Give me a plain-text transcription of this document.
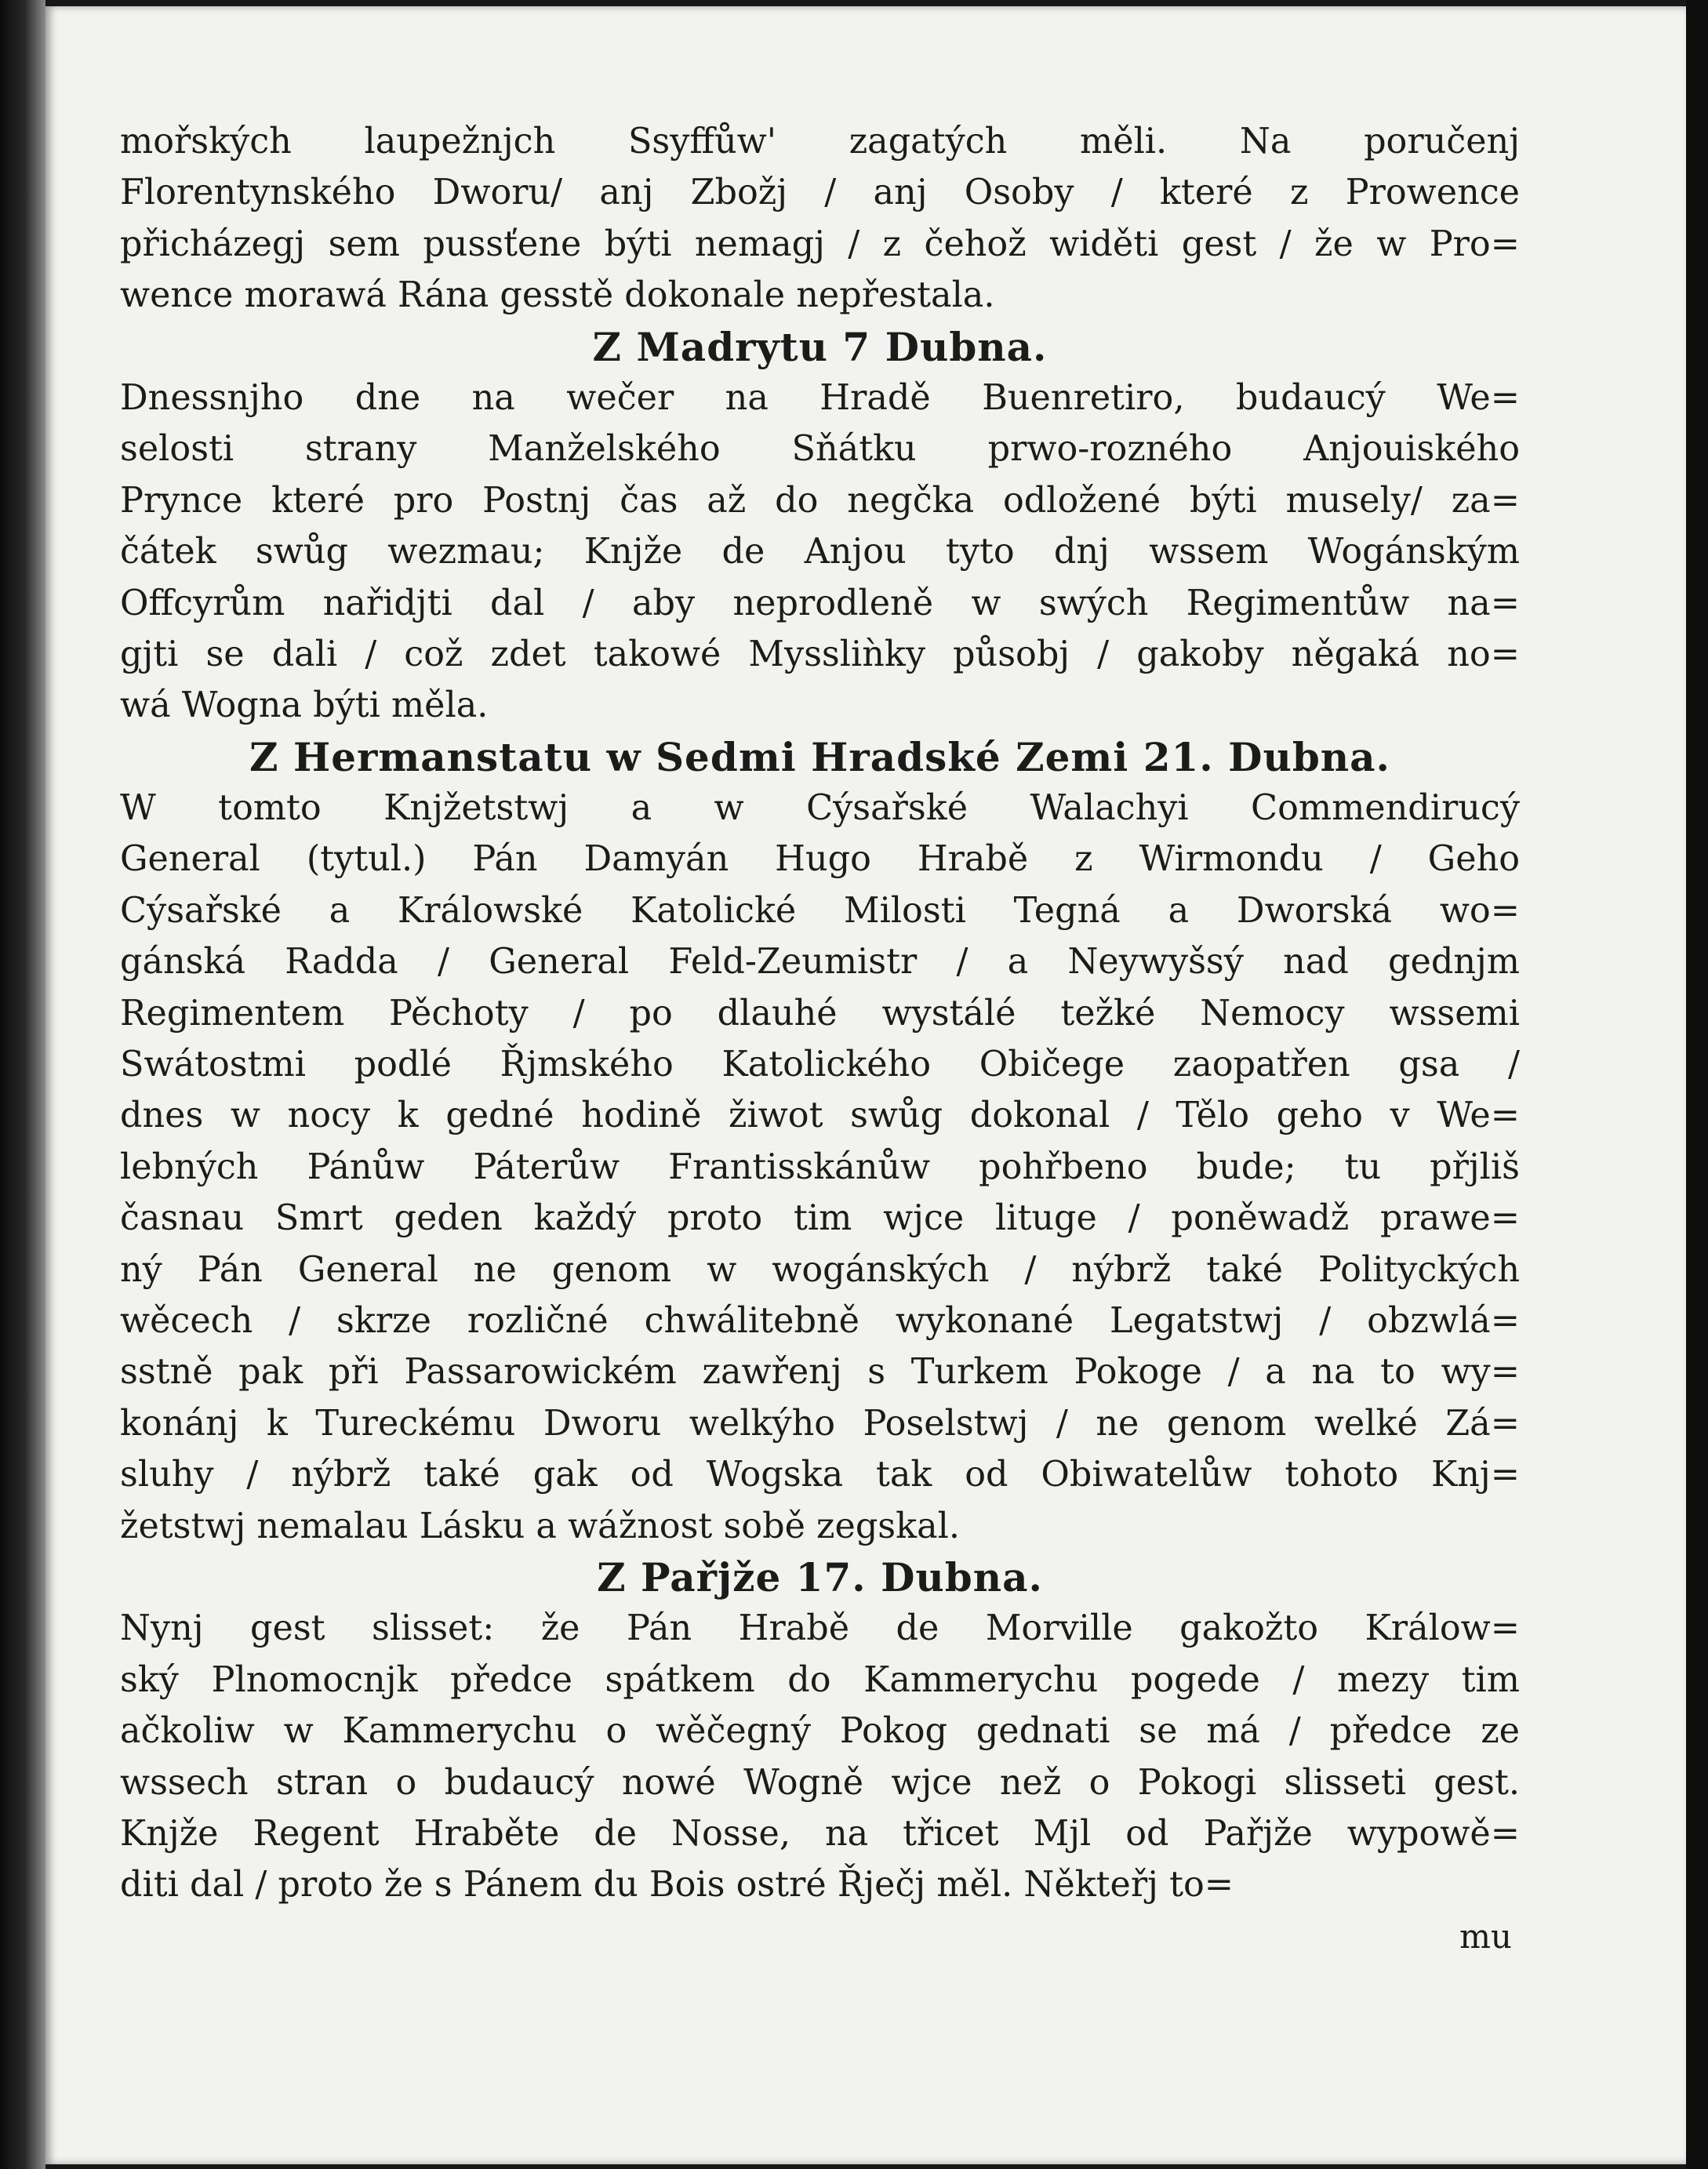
mořských laupežnjch Ssyffůw' zagatých měli. Na poručenj
Florentynského Dworu/ anj Zbožj / anj Osoby / které z Prowence
přicházegj sem pussťene býti nemagj / z čehož widěti gest / že w Pro=
wence morawá Rána gesstě dokonale nepřestala.
Z Madrytu 7 Dubna.
Dnessnjho dne na wečer na Hradě Buenretiro, budaucý We=
selosti strany Manželského Sňátku prwo-rozného Anjouiského
Prynce které pro Postnj čas až do negčka odložené býti musely/ za=
čátek swůg wezmau; Knjže de Anjou tyto dnj wssem Wogánským
Offcyrům nařidjti dal / aby neprodleně w swých Regimentůw na=
gjti se dali / což zdet takowé Myssliǹky působj / gakoby něgaká no=
wá Wogna býti měla.
Z Hermanstatu w Sedmi Hradské Zemi 21. Dubna.
W tomto Knjžetstwj a w Cýsařské Walachyi Commendirucý
General (tytul.) Pán Damyán Hugo Hrabě z Wirmondu / Geho
Cýsařské a Králowské Katolické Milosti Tegná a Dworská wo=
gánská Radda / General Feld-Zeumistr / a Neywyšsý nad gednjm
Regimentem Pěchoty / po dlauhé wystálé težké Nemocy wssemi
Swátostmi podlé Řjmského Katolického Običege zaopatřen gsa /
dnes w nocy k gedné hodině žiwot swůg dokonal / Tělo geho v We=
lebných Pánůw Páterůw Frantisskánůw pohřbeno bude; tu přjliš
časnau Smrt geden každý proto tim wjce lituge / poněwadž prawe=
ný Pán General ne genom w wogánských / nýbrž také Polityckých
wěcech / skrze rozličné chwálitebně wykonané Legatstwj / obzwlá=
sstně pak při Passarowickém zawřenj s Turkem Pokoge / a na to wy=
konánj k Tureckému Dworu welkýho Poselstwj / ne genom welké Zá=
sluhy / nýbrž také gak od Wogska tak od Obiwatelůw tohoto Knj=
žetstwj nemalau Lásku a wážnost sobě zegskal.
Z Pařjže 17. Dubna.
Nynj gest slisset: že Pán Hrabě de Morville gakožto Králow=
ský Plnomocnjk předce spátkem do Kammerychu pogede / mezy tim
ačkoliw w Kammerychu o wěčegný Pokog gednati se má / předce ze
wssech stran o budaucý nowé Wogně wjce než o Pokogi slisseti gest.
Knjže Regent Hraběte de Nosse, na třicet Mjl od Pařjže wypowě=
diti dal / proto že s Pánem du Bois ostré Řječj měl. Někteřj to=
mu
